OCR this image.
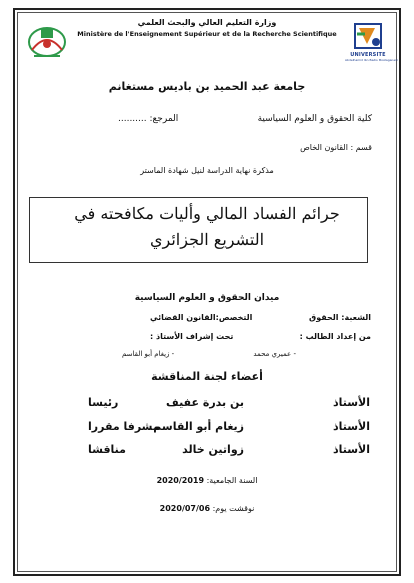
UNIVERSITE
Abdelhamid Ibn Badis Mostaganem
وزارة التعليم العالي والبحث العلمي
Ministère de l'Enseignement Supérieur et de la Recherche Scientifique
جامعة عبد الحميد بن باديس مستغانم
كلية الحقوق و العلوم السياسية
المرجع: ..........
قسم : القانون الخاص
مذكرة نهاية الدراسة لنيل شهادة الماستر
جرائم الفساد المالي وأليات مكافحته في
التشريع الجزائري
ميدان الحقوق و العلوم السياسية
الشعبة: الحقوق
التخصص:القانون القضائي
من إعداد الطالب :
تحت إشراف الأستاذ :
- عميري محمد
- زيغام أبو القاسم
أعضاء لجنة المناقشة
الأستاذ
بن بدرة عفيف
رئيسا
الأستاذ
زيغام أبو القاسم
مشرفا مقررا
الأستاذ
زواتين خالد
مناقشا
السنة الجامعية: 2020/2019
نوقشت يوم: 2020/07/06
